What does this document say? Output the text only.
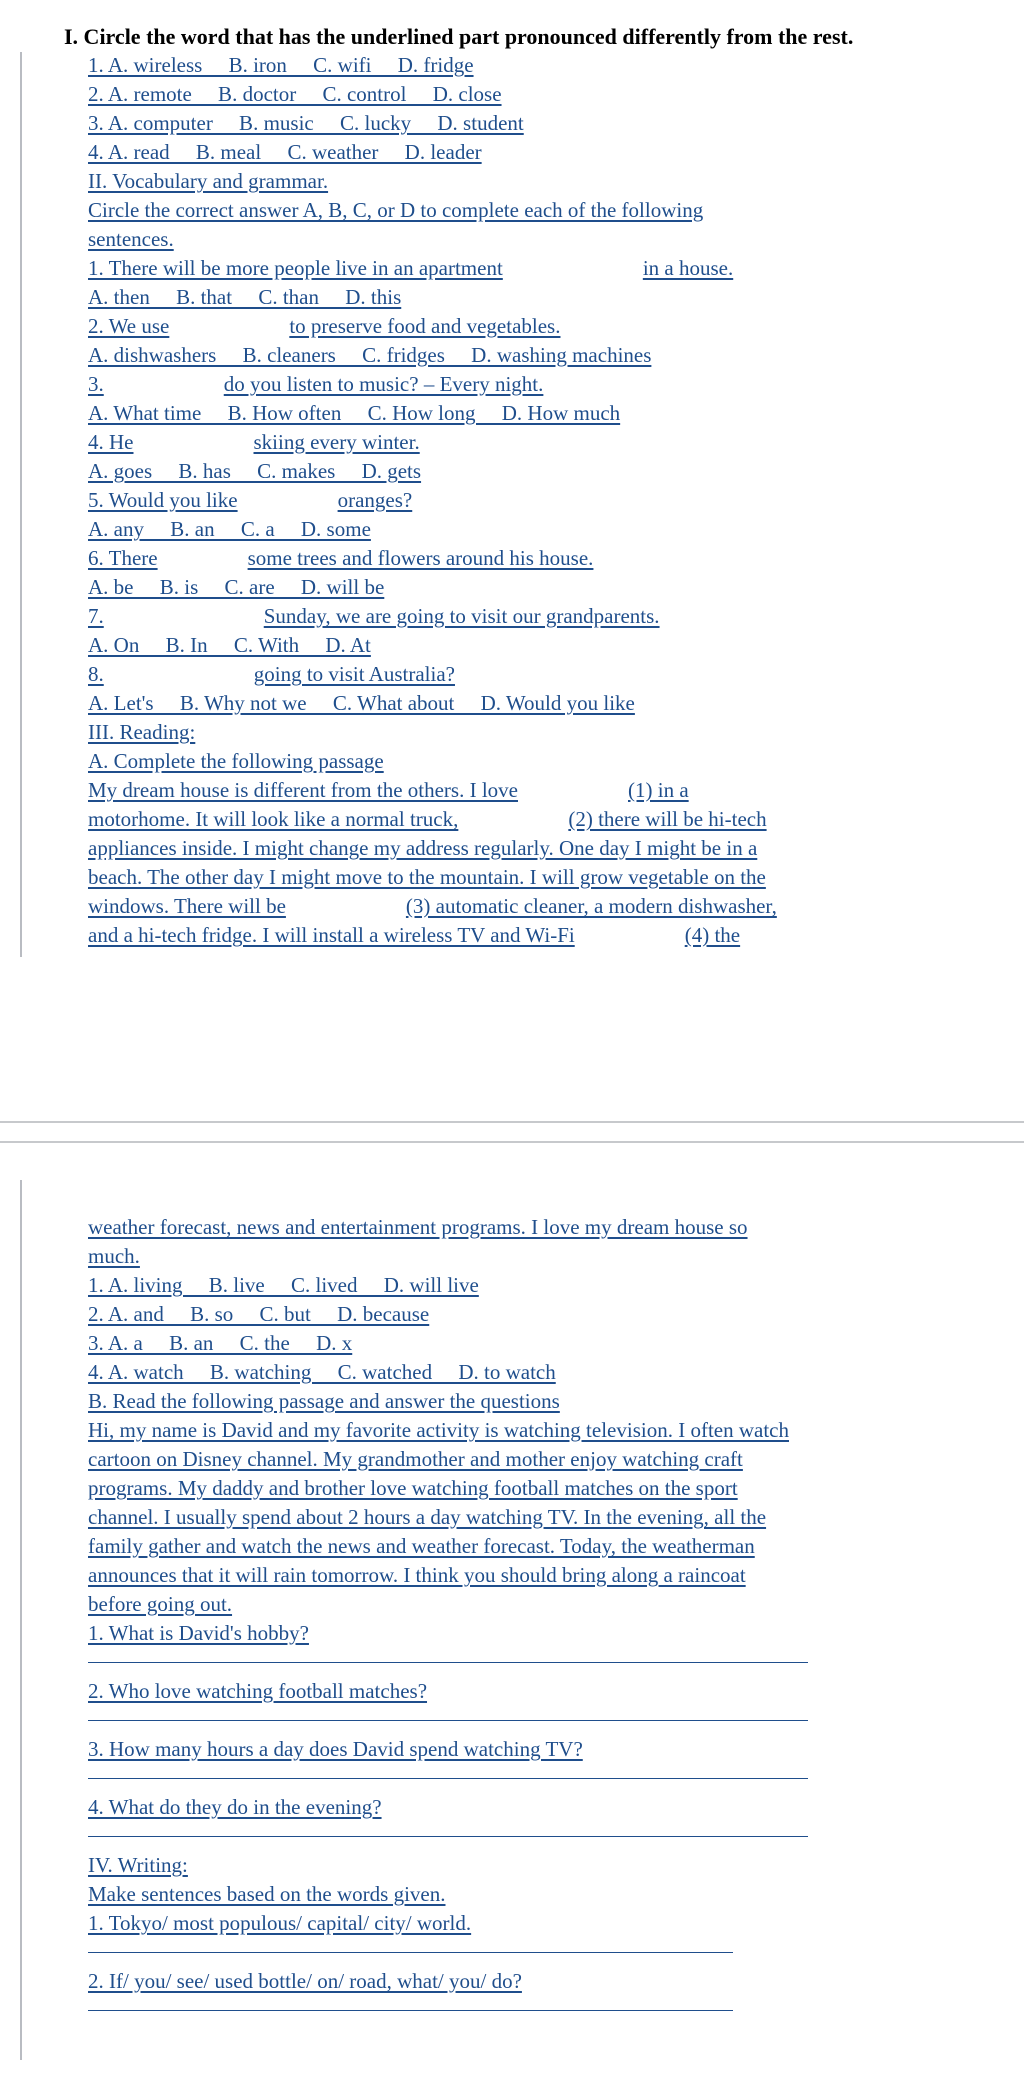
I. Circle the word that has the underlined part pronounced differently from the rest.
1. A. wireless     B. iron     C. wifi     D. fridge
2. A. remote     B. doctor     C. control     D. close
3. A. computer     B. music     C. lucky     D. student
4. A. read     B. meal     C. weather     D. leader
II. Vocabulary and grammar.
Circle the correct answer A, B, C, or D to complete each of the following
sentences.
1. There will be more people live in an apartment	in a house.
A. then     B. that     C. than     D. this
2. We use	to preserve food and vegetables.
A. dishwashers     B. cleaners     C. fridges     D. washing machines
3.	do you listen to music? – Every night.
A. What time     B. How often     C. How long     D. How much
4. He	skiing every winter.
A. goes     B. has     C. makes     D. gets
5. Would you like	oranges?
A. any     B. an     C. a     D. some
6. There	some trees and flowers around his house.
A. be     B. is     C. are     D. will be
7.	Sunday, we are going to visit our grandparents.
A. On     B. In     C. With     D. At
8.	going to visit Australia?
A. Let's     B. Why not we     C. What about     D. Would you like
III. Reading:
A. Complete the following passage
My dream house is different from the others. I love	(1) in a
motorhome. It will look like a normal truck,	(2) there will be hi-tech
appliances inside. I might change my address regularly. One day I might be in a
beach. The other day I might move to the mountain. I will grow vegetable on the
windows. There will be	(3) automatic cleaner, a modern dishwasher,
and a hi-tech fridge. I will install a wireless TV and Wi-Fi	(4) the
weather forecast, news and entertainment programs. I love my dream house so
much.
1. A. living     B. live     C. lived     D. will live
2. A. and     B. so     C. but     D. because
3. A. a     B. an     C. the     D. x
4. A. watch     B. watching     C. watched     D. to watch
B. Read the following passage and answer the questions
Hi, my name is David and my favorite activity is watching television. I often watch
cartoon on Disney channel. My grandmother and mother enjoy watching craft
programs. My daddy and brother love watching football matches on the sport
channel. I usually spend about 2 hours a day watching TV. In the evening, all the
family gather and watch the news and weather forecast. Today, the weatherman
announces that it will rain tomorrow. I think you should bring along a raincoat
before going out.
1. What is David's hobby?
2. Who love watching football matches?
3. How many hours a day does David spend watching TV?
4. What do they do in the evening?
IV. Writing:
Make sentences based on the words given.
1. Tokyo/ most populous/ capital/ city/ world.
2. If/ you/ see/ used bottle/ on/ road, what/ you/ do?
